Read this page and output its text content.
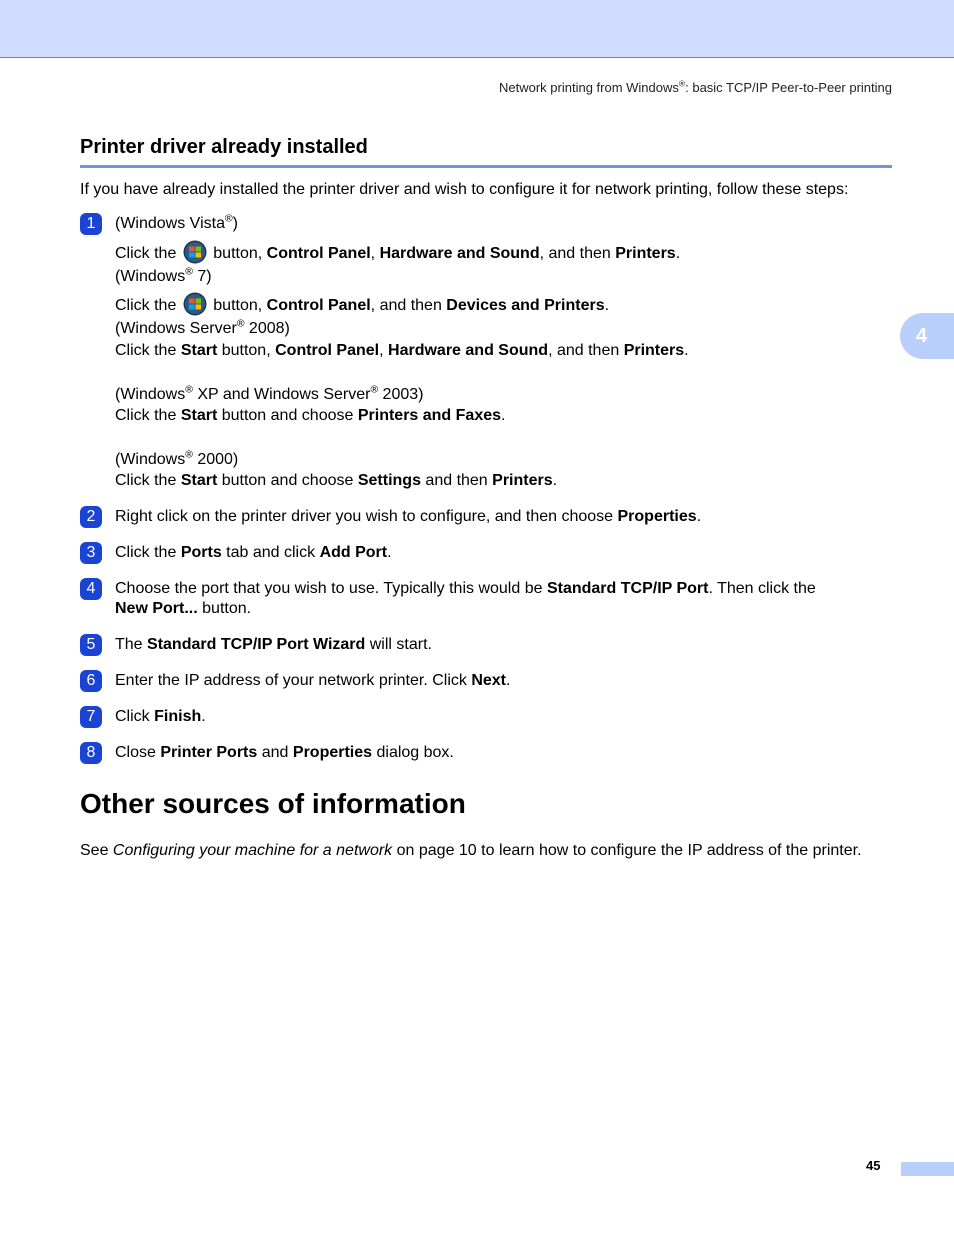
Network printing from Windows®: basic TCP/IP Peer-to-Peer printing
4
Printer driver already installed
If you have already installed the printer driver and wish to configure it for network printing, follow these steps:
1	(Windows Vista®)
Click the button, Control Panel, Hardware and Sound, and then Printers.
(Windows® 7)
Click the button, Control Panel, and then Devices and Printers.
(Windows Server® 2008)
Click the Start button, Control Panel, Hardware and Sound, and then Printers.
(Windows® XP and Windows Server® 2003)
Click the Start button and choose Printers and Faxes.
(Windows® 2000)
Click the Start button and choose Settings and then Printers.
2	Right click on the printer driver you wish to configure, and then choose Properties.
3	Click the Ports tab and click Add Port.
4	Choose the port that you wish to use. Typically this would be Standard TCP/IP Port. Then click the
New Port... button.
5	The Standard TCP/IP Port Wizard will start.
6	Enter the IP address of your network printer. Click Next.
7	Click Finish.
8	Close Printer Ports and Properties dialog box.
Other sources of information
See Configuring your machine for a network on page 10 to learn how to configure the IP address of the printer.
45
